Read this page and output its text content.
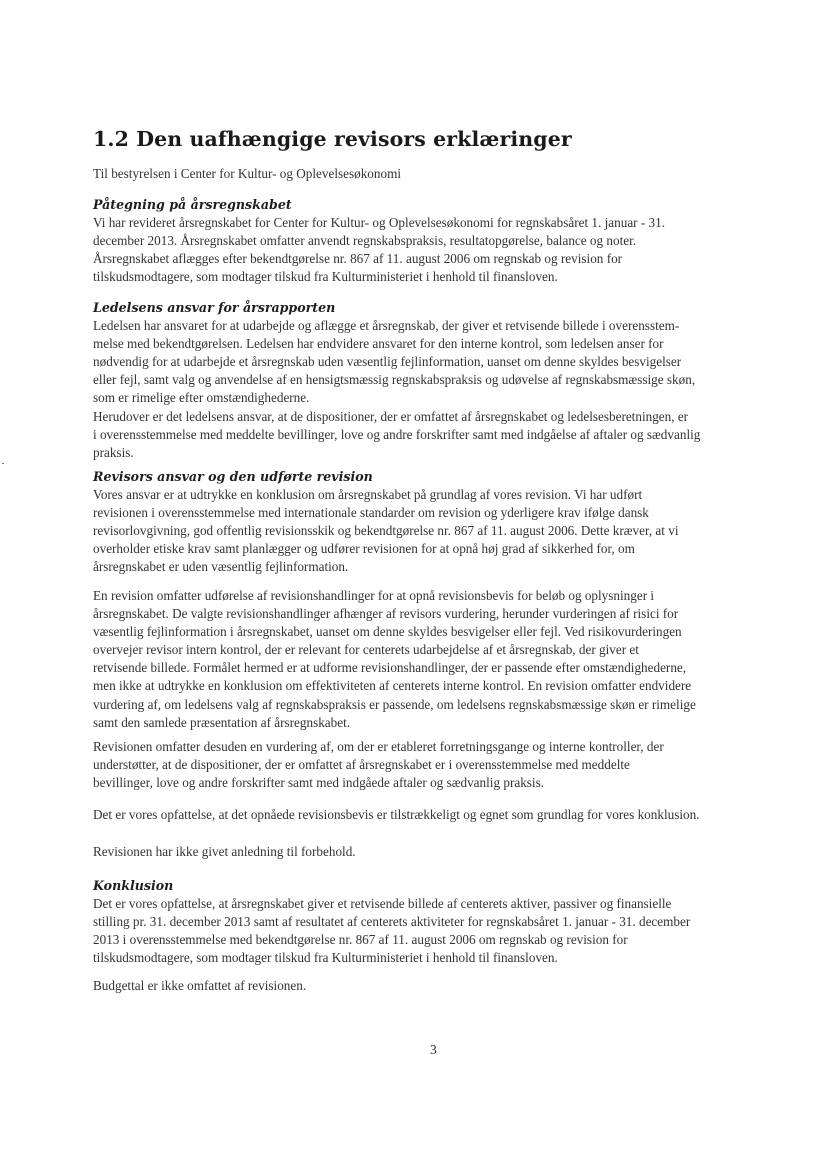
1.2 Den uafhængige revisors erklæringer

Til bestyrelsen i Center for Kultur- og Oplevelsesøkonomi

Påtegning på årsregnskabet
Vi har revideret årsregnskabet for Center for Kultur- og Oplevelsesøkonomi for regnskabsåret 1. januar - 31.
december 2013. Årsregnskabet omfatter anvendt regnskabspraksis, resultatopgørelse, balance og noter.
Årsregnskabet aflægges efter bekendtgørelse nr. 867 af 11. august 2006 om regnskab og revision for
tilskudsmodtagere, som modtager tilskud fra Kulturministeriet i henhold til finansloven.
Ledelsens ansvar for årsrapporten
Ledelsen har ansvaret for at udarbejde og aflægge et årsregnskab, der giver et retvisende billede i overensstem-
melse med bekendtgørelsen. Ledelsen har endvidere ansvaret for den interne kontrol, som ledelsen anser for
nødvendig for at udarbejde et årsregnskab uden væsentlig fejlinformation, uanset om denne skyldes besvigelser
eller fejl, samt valg og anvendelse af en hensigtsmæssig regnskabspraksis og udøvelse af regnskabsmæssige skøn,
som er rimelige efter omstændighederne.
Herudover er det ledelsens ansvar, at de dispositioner, der er omfattet af årsregnskabet og ledelsesberetningen, er
i overensstemmelse med meddelte bevillinger, love og andre forskrifter samt med indgåelse af aftaler og sædvanlig
praksis.
Revisors ansvar og den udførte revision
Vores ansvar er at udtrykke en konklusion om årsregnskabet på grundlag af vores revision. Vi har udført
revisionen i overensstemmelse med internationale standarder om revision og yderligere krav ifølge dansk
revisorlovgivning, god offentlig revisionsskik og bekendtgørelse nr. 867 af 11. august 2006. Dette kræver, at vi
overholder etiske krav samt planlægger og udfører revisionen for at opnå høj grad af sikkerhed for, om
årsregnskabet er uden væsentlig fejlinformation.
En revision omfatter udførelse af revisionshandlinger for at opnå revisionsbevis for beløb og oplysninger i
årsregnskabet. De valgte revisionshandlinger afhænger af revisors vurdering, herunder vurderingen af risici for
væsentlig fejlinformation i årsregnskabet, uanset om denne skyldes besvigelser eller fejl. Ved risikovurderingen
overvejer revisor intern kontrol, der er relevant for centerets udarbejdelse af et årsregnskab, der giver et
retvisende billede. Formålet hermed er at udforme revisionshandlinger, der er passende efter omstændighederne,
men ikke at udtrykke en konklusion om effektiviteten af centerets interne kontrol. En revision omfatter endvidere
vurdering af, om ledelsens valg af regnskabspraksis er passende, om ledelsens regnskabsmæssige skøn er rimelige
samt den samlede præsentation af årsregnskabet.
Revisionen omfatter desuden en vurdering af, om der er etableret forretningsgange og interne kontroller, der
understøtter, at de dispositioner, der er omfattet af årsregnskabet er i overensstemmelse med meddelte
bevillinger, love og andre forskrifter samt med indgåede aftaler og sædvanlig praksis.
Det er vores opfattelse, at det opnåede revisionsbevis er tilstrækkeligt og egnet som grundlag for vores konklusion.
Revisionen har ikke givet anledning til forbehold.
Konklusion
Det er vores opfattelse, at årsregnskabet giver et retvisende billede af centerets aktiver, passiver og finansielle
stilling pr. 31. december 2013 samt af resultatet af centerets aktiviteter for regnskabsåret 1. januar - 31. december
2013 i overensstemmelse med bekendtgørelse nr. 867 af 11. august 2006 om regnskab og revision for
tilskudsmodtagere, som modtager tilskud fra Kulturministeriet i henhold til finansloven.
Budgettal er ikke omfattet af revisionen.

3
